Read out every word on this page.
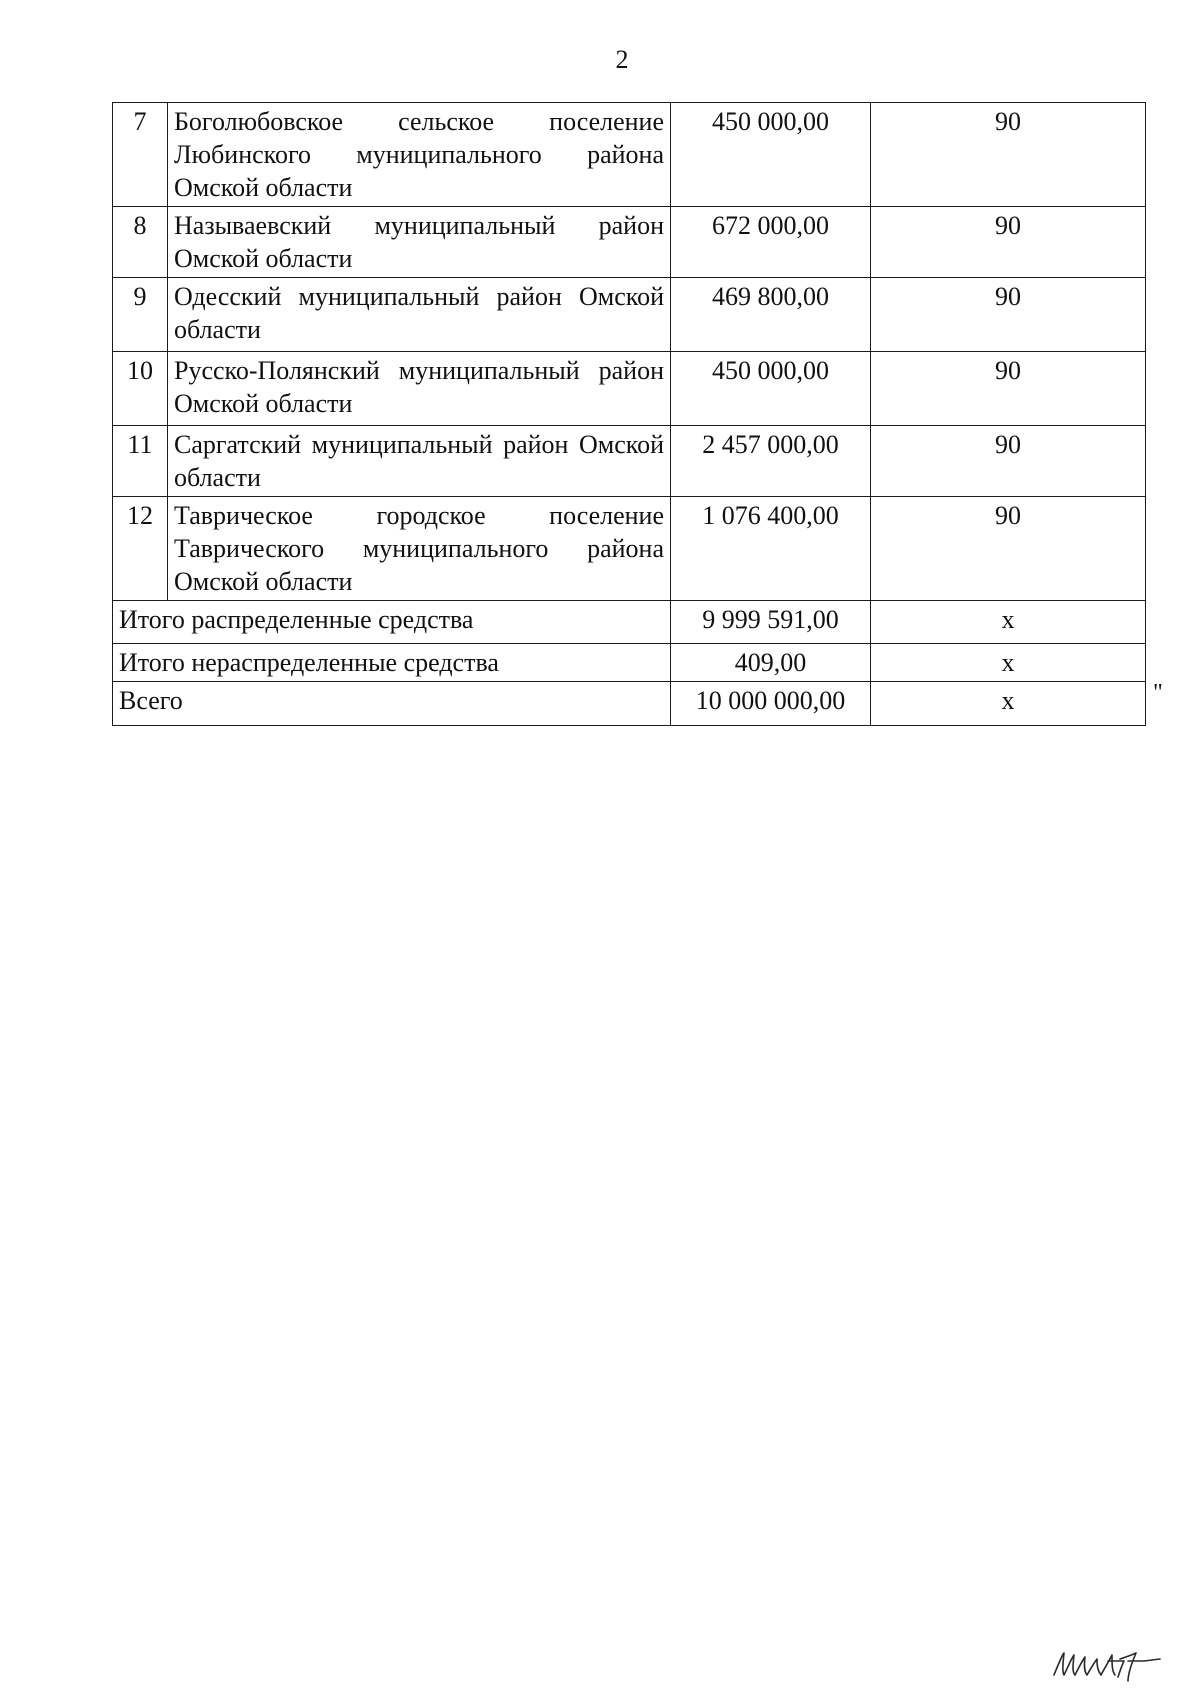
2
7	Боголюбовское сельское поселение Любинского муниципального района Омской области	450 000,00	90
8	Называевский муниципальный район Омской области	672 000,00	90
9	Одесский муниципальный район Омской области	469 800,00	90
10	Русско-Полянский муниципальный район Омской области	450 000,00	90
11	Саргатский муниципальный район Омской области	2 457 000,00	90
12	Таврическое городское поселение Таврического муниципального района Омской области	1 076 400,00	90
Итого распределенные средства		9 999 591,00	х
Итого нераспределенные средства		409,00	х
Всего		10 000 000,00	х	"
